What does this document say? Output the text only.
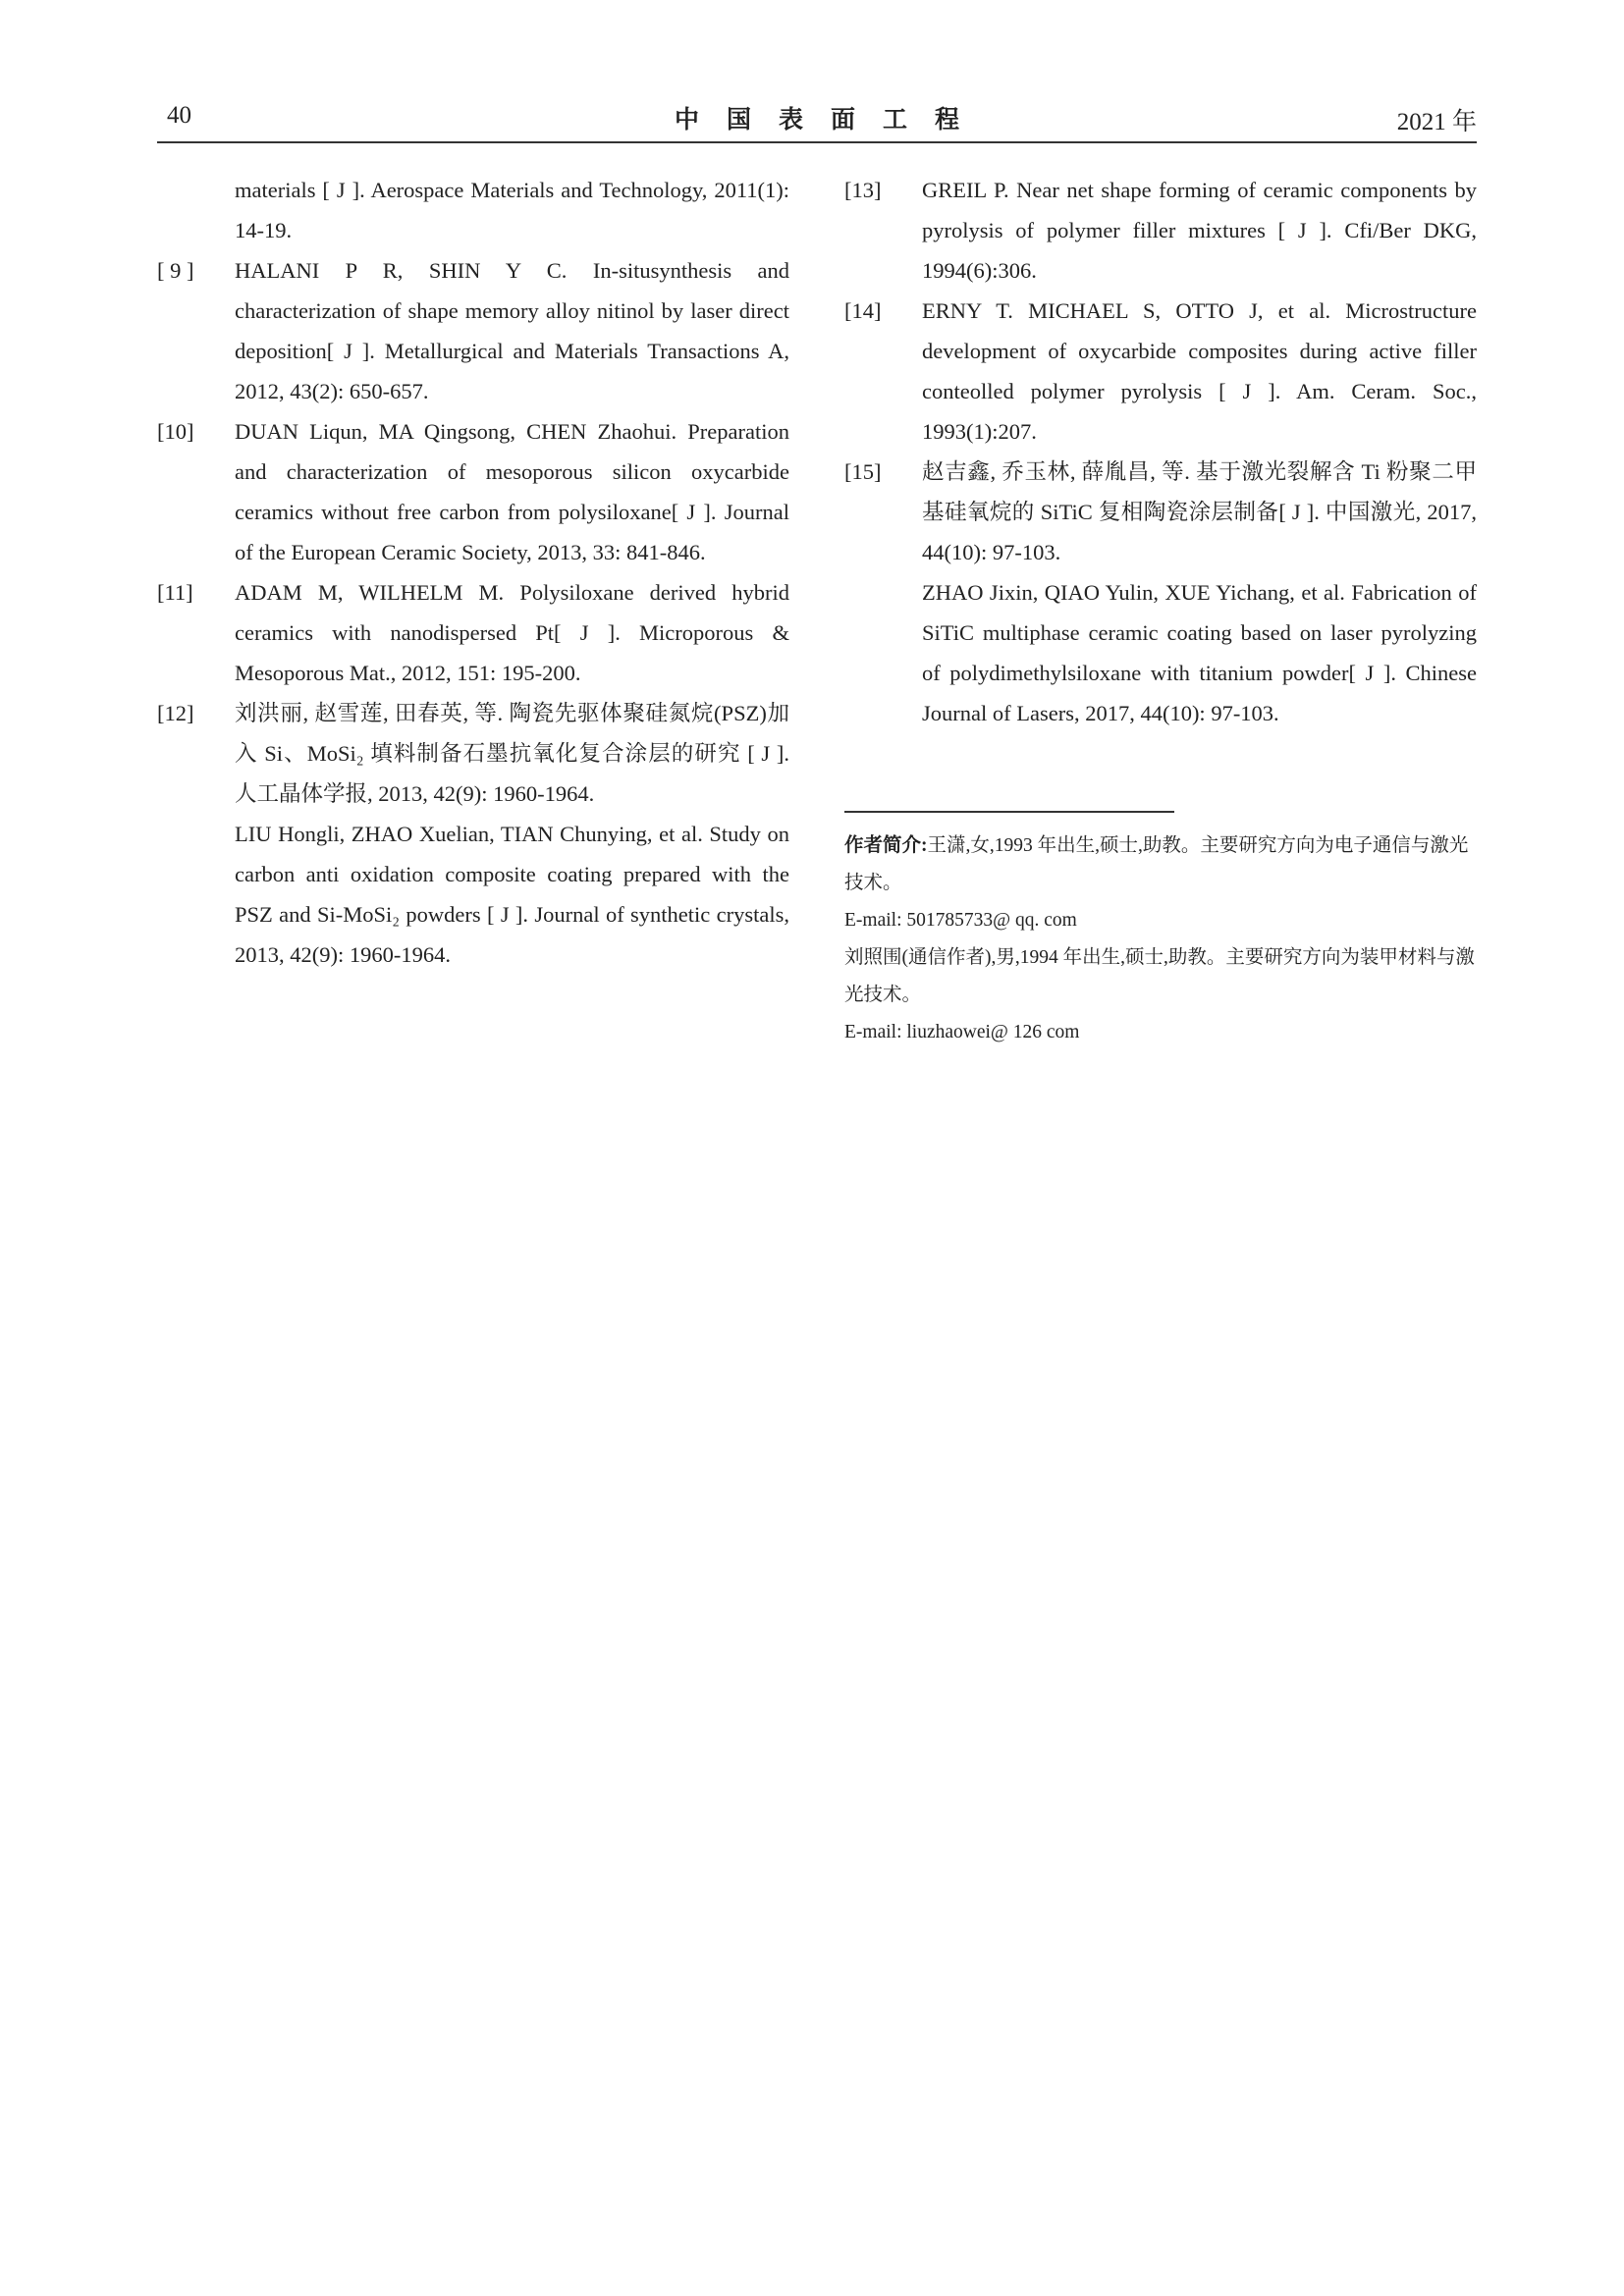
40	中国表面工程	2021 年

materials [ J ]. Aerospace Materials and Technology, 2011(1): 14-19.

[ 9 ]	HALANI P R, SHIN Y C. In-situsynthesis and characterization of shape memory alloy nitinol by laser direct deposition[ J ]. Metallurgical and Materials Transactions A, 2012, 43(2): 650-657.

[10]	DUAN Liqun, MA Qingsong, CHEN Zhaohui. Preparation and characterization of mesoporous silicon oxycarbide ceramics without free carbon from polysiloxane[ J ]. Journal of the European Ceramic Society, 2013, 33: 841-846.

[11]	ADAM M, WILHELM M. Polysiloxane derived hybrid ceramics with nanodispersed Pt[ J ]. Microporous & Mesoporous Mat., 2012, 151: 195-200.

[12]	刘洪丽, 赵雪莲, 田春英, 等. 陶瓷先驱体聚硅氮烷(PSZ)加入 Si、MoSi₂ 填料制备石墨抗氧化复合涂层的研究 [ J ]. 人工晶体学报, 2013, 42(9): 1960-1964.

LIU Hongli, ZHAO Xuelian, TIAN Chunying, et al. Study on carbon anti oxidation composite coating prepared with the PSZ and Si-MoSi₂ powders [ J ]. Journal of synthetic crystals, 2013, 42(9): 1960-1964.

[13]	GREIL P. Near net shape forming of ceramic components by pyrolysis of polymer filler mixtures [ J ]. Cfi/Ber DKG, 1994(6):306.

[14]	ERNY T. MICHAEL S, OTTO J, et al. Microstructure development of oxycarbide composites during active filler conteolled polymer pyrolysis [ J ]. Am. Ceram. Soc., 1993(1):207.

[15]	赵吉鑫, 乔玉林, 薛胤昌, 等. 基于激光裂解含 Ti 粉聚二甲基硅氧烷的 SiTiC 复相陶瓷涂层制备[ J ]. 中国激光, 2017, 44(10): 97-103.

ZHAO Jixin, QIAO Yulin, XUE Yichang, et al. Fabrication of SiTiC multiphase ceramic coating based on laser pyrolyzing of polydimethylsiloxane with titanium powder[ J ]. Chinese Journal of Lasers, 2017, 44(10): 97-103.

作者简介:王潇,女,1993 年出生,硕士,助教。主要研究方向为电子通信与激光技术。

E-mail: 501785733@ qq. com

刘照围(通信作者),男,1994 年出生,硕士,助教。主要研究方向为装甲材料与激光技术。

E-mail: liuzhaowei@ 126 com
